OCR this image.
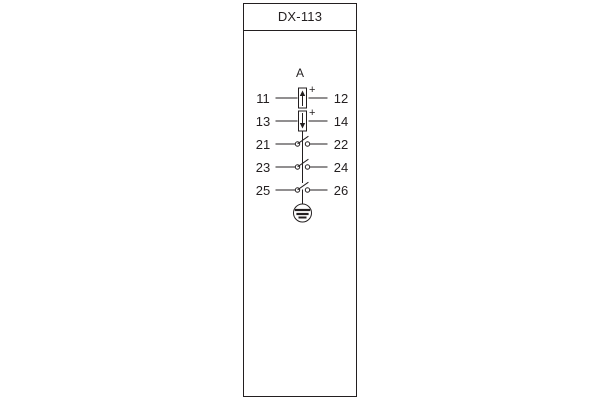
DX-113
A
11
13
21
23
25
12
14
22
24
26
+
+
